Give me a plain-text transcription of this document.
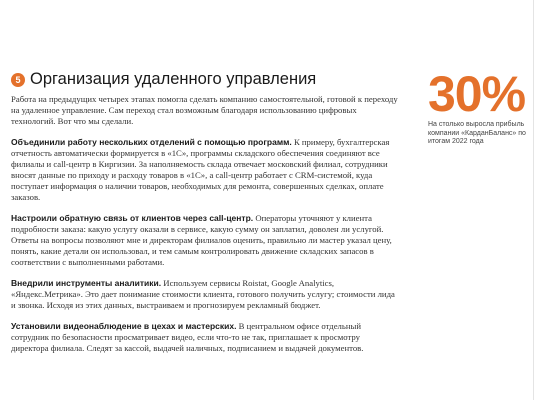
5 Организация удаленного управления

Работа на предыдущих четырех этапах помогла сделать компанию самостоятельной, готовой к переходу на удаленное управление. Сам переход стал возможным благодаря использованию цифровых технологий. Вот что мы сделали.

Объединили работу нескольких отделений с помощью программ. К примеру, бухгалтерская отчетность автоматически формируется в «1С», программы складского обеспечения соединяют все филиалы и call-центр в Киргизии. За наполняемость склада отвечает московский филиал, сотрудники вносят данные по приходу и расходу товаров в «1С», а call-центр работает с CRM-системой, куда поступает информация о наличии товаров, необходимых для ремонта, совершенных сделках, оплате заказов.

Настроили обратную связь от клиентов через call-центр. Операторы уточняют у клиента подробности заказа: какую услугу оказали в сервисе, какую сумму он заплатил, доволен ли услугой. Ответы на вопросы позволяют мне и директорам филиалов оценить, правильно ли мастер указал цену, понять, какие детали он использовал, и тем самым контролировать движение складских запасов в соответствии с выполненными работами.

Внедрили инструменты аналитики. Используем сервисы Roistat, Google Analytics, «Яндекс.Метрика». Это дает понимание стоимости клиента, готового получить услугу; стоимости лида и звонка. Исходя из этих данных, выстраиваем и прогнозируем рекламный бюджет.

Установили видеонаблюдение в цехах и мастерских. В центральном офисе отдельный сотрудник по безопасности просматривает видео, если что-то не так, приглашает к просмотру директора филиала. Следят за кассой, выдачей наличных, подписанием и выдачей документов.

30%
На столько выросла прибыль компании «КарданБаланс» по итогам 2022 года
